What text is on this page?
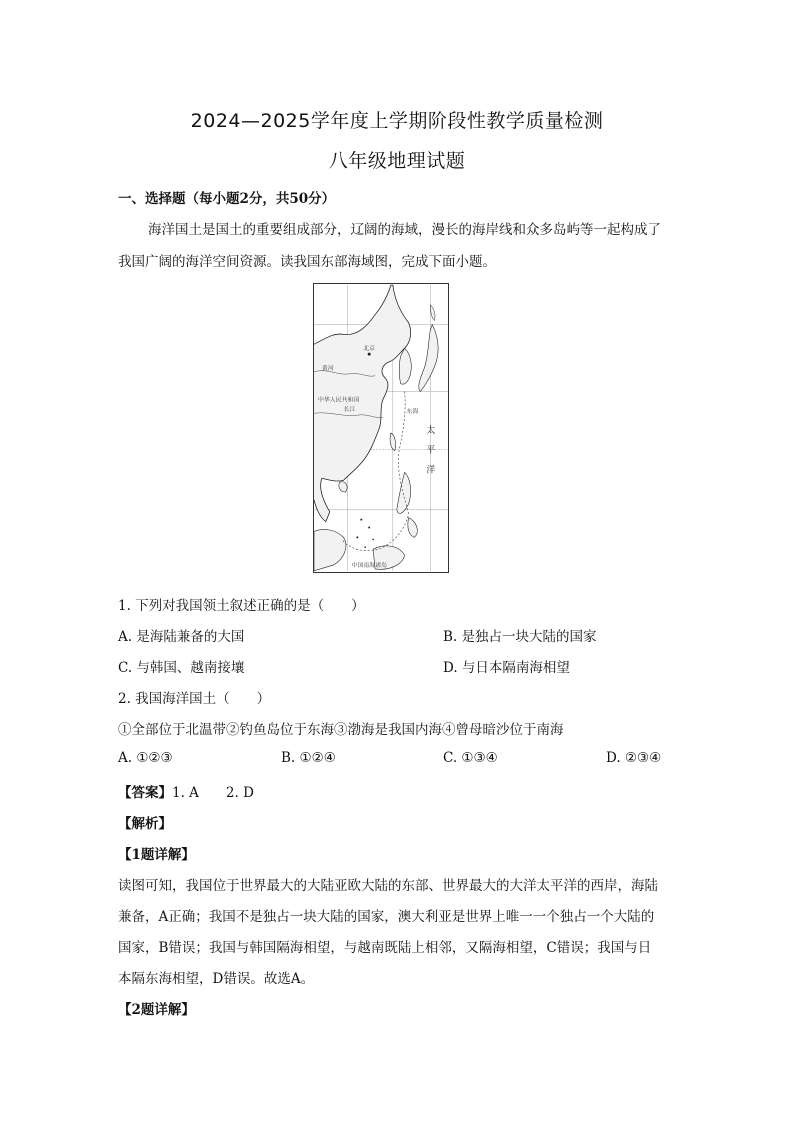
2024—2025学年度上学期阶段性教学质量检测
八年级地理试题
一、选择题（每小题2分，共50分）
海洋国土是国土的重要组成部分，辽阔的海域，漫长的海岸线和众多岛屿等一起构成了
我国广阔的海洋空间资源。读我国东部海域图，完成下面小题。
北京
黄河
中华人民共和国
长江	东海
太
平
洋
中国南海诸岛
1. 下列对我国领土叙述正确的是（　　）
A. 是海陆兼备的大国	B. 是独占一块大陆的国家
C. 与韩国、越南接壤	D. 与日本隔南海相望
2. 我国海洋国土（　　）
①全部位于北温带②钓鱼岛位于东海③渤海是我国内海④曾母暗沙位于南海
A. ①②③	B. ①②④	C. ①③④	D. ②③④
【答案】1. A　　2. D
【解析】
【1题详解】
读图可知，我国位于世界最大的大陆亚欧大陆的东部、世界最大的大洋太平洋的西岸，海陆
兼备，A正确；我国不是独占一块大陆的国家，澳大利亚是世界上唯一一个独占一个大陆的
国家，B错误；我国与韩国隔海相望，与越南既陆上相邻，又隔海相望，C错误；我国与日
本隔东海相望，D错误。故选A。
【2题详解】
